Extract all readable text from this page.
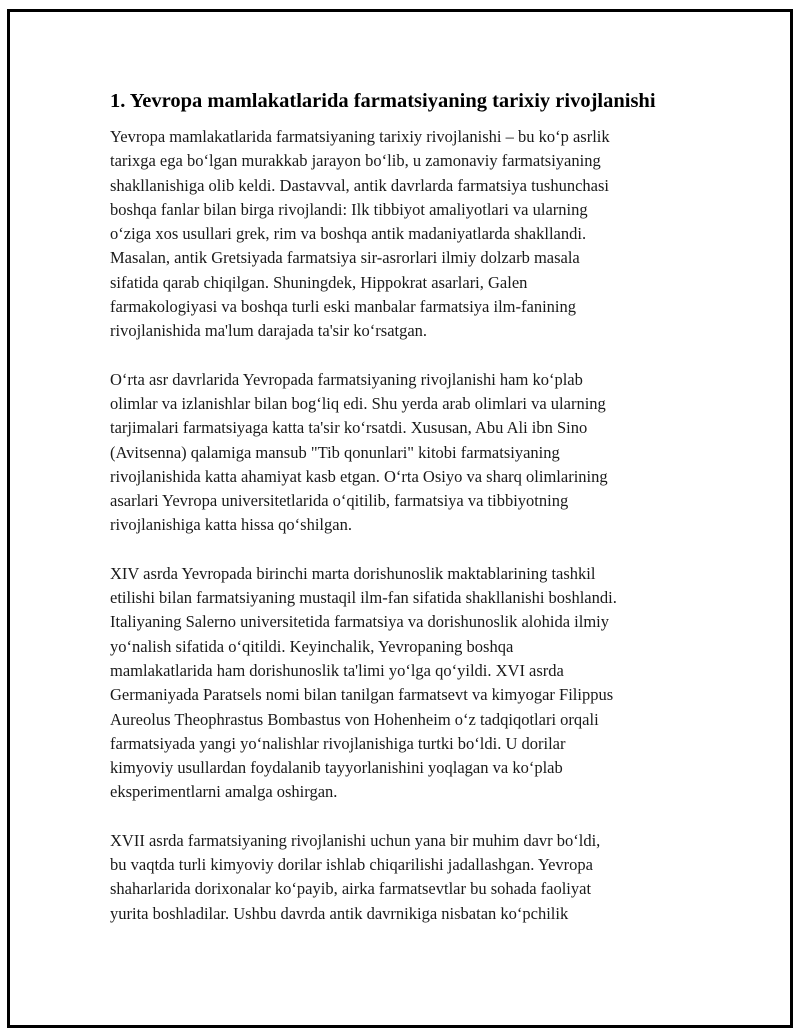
1. Yevropa mamlakatlarida farmatsiyaning tarixiy rivojlanishi
Yevropa mamlakatlarida farmatsiyaning tarixiy rivojlanishi – bu ko‘p asrlik
tarixga ega bo‘lgan murakkab jarayon bo‘lib, u zamonaviy farmatsiyaning
shakllanishiga olib keldi. Dastavval, antik davrlarda farmatsiya tushunchasi
boshqa fanlar bilan birga rivojlandi: Ilk tibbiyot amaliyotlari va ularning
o‘ziga xos usullari grek, rim va boshqa antik madaniyatlarda shakllandi.
Masalan, antik Gretsiyada farmatsiya sir-asrorlari ilmiy dolzarb masala
sifatida qarab chiqilgan. Shuningdek, Hippokrat asarlari, Galen
farmakologiyasi va boshqa turli eski manbalar farmatsiya ilm-fanining
rivojlanishida ma'lum darajada ta'sir ko‘rsatgan.
O‘rta asr davrlarida Yevropada farmatsiyaning rivojlanishi ham ko‘plab
olimlar va izlanishlar bilan bog‘liq edi. Shu yerda arab olimlari va ularning
tarjimalari farmatsiyaga katta ta'sir ko‘rsatdi. Xususan, Abu Ali ibn Sino
(Avitsenna) qalamiga mansub "Tib qonunlari" kitobi farmatsiyaning
rivojlanishida katta ahamiyat kasb etgan. O‘rta Osiyo va sharq olimlarining
asarlari Yevropa universitetlarida o‘qitilib, farmatsiya va tibbiyotning
rivojlanishiga katta hissa qo‘shilgan.
XIV asrda Yevropada birinchi marta dorishunoslik maktablarining tashkil
etilishi bilan farmatsiyaning mustaqil ilm-fan sifatida shakllanishi boshlandi.
Italiyaning Salerno universitetida farmatsiya va dorishunoslik alohida ilmiy
yo‘nalish sifatida o‘qitildi. Keyinchalik, Yevropaning boshqa
mamlakatlarida ham dorishunoslik ta'limi yo‘lga qo‘yildi. XVI asrda
Germaniyada Paratsels nomi bilan tanilgan farmatsevt va kimyogar Filippus
Aureolus Theophrastus Bombastus von Hohenheim o‘z tadqiqotlari orqali
farmatsiyada yangi yo‘nalishlar rivojlanishiga turtki bo‘ldi. U dorilar
kimyoviy usullardan foydalanib tayyorlanishini yoqlagan va ko‘plab
eksperimentlarni amalga oshirgan.
XVII asrda farmatsiyaning rivojlanishi uchun yana bir muhim davr bo‘ldi,
bu vaqtda turli kimyoviy dorilar ishlab chiqarilishi jadallashgan. Yevropa
shaharlarida dorixonalar ko‘payib, airka farmatsevtlar bu sohada faoliyat
yurita boshladilar. Ushbu davrda antik davrnikiga nisbatan ko‘pchilik
